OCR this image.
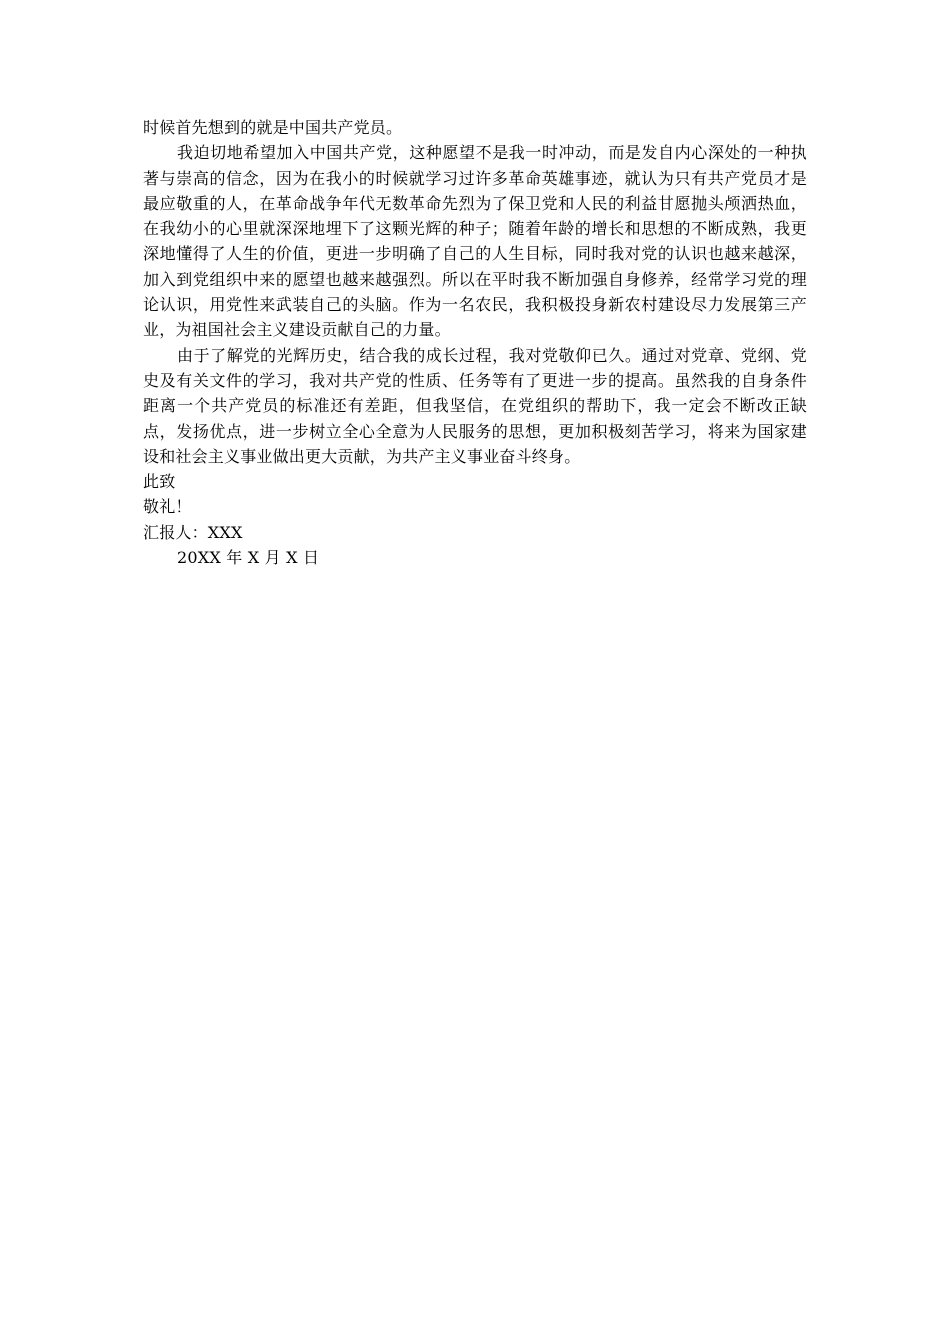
时候首先想到的就是中国共产党员。

我迫切地希望加入中国共产党，这种愿望不是我一时冲动，而是发自内心深处的一种执著与崇高的信念，因为在我小的时候就学习过许多革命英雄事迹，就认为只有共产党员才是最应敬重的人，在革命战争年代无数革命先烈为了保卫党和人民的利益甘愿抛头颅洒热血，在我幼小的心里就深深地埋下了这颗光辉的种子；随着年龄的增长和思想的不断成熟，我更深地懂得了人生的价值，更进一步明确了自己的人生目标，同时我对党的认识也越来越深，加入到党组织中来的愿望也越来越强烈。所以在平时我不断加强自身修养，经常学习党的理论认识，用党性来武装自己的头脑。作为一名农民，我积极投身新农村建设尽力发展第三产业，为祖国社会主义建设贡献自己的力量。

由于了解党的光辉历史，结合我的成长过程，我对党敬仰已久。通过对党章、党纲、党史及有关文件的学习，我对共产党的性质、任务等有了更进一步的提高。虽然我的自身条件距离一个共产党员的标准还有差距，但我坚信，在党组织的帮助下，我一定会不断改正缺点，发扬优点，进一步树立全心全意为人民服务的思想，更加积极刻苦学习，将来为国家建设和社会主义事业做出更大贡献，为共产主义事业奋斗终身。

此致

敬礼！

汇报人：XXX

20XX 年 X 月 X 日
